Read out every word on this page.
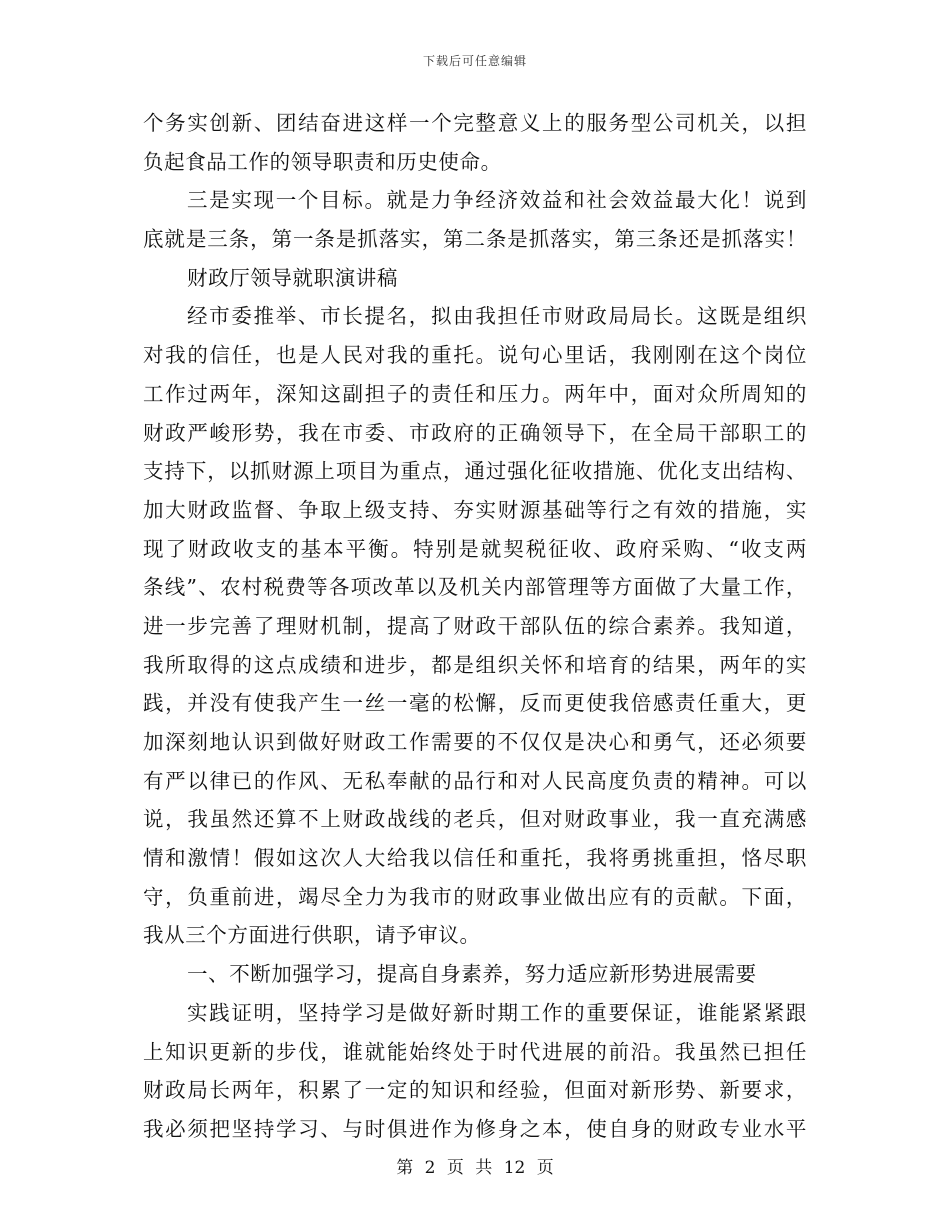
下载后可任意编辑
个务实创新、团结奋进这样一个完整意义上的服务型公司机关，以担
负起食品工作的领导职责和历史使命。
三是实现一个目标。就是力争经济效益和社会效益最大化！说到
底就是三条，第一条是抓落实，第二条是抓落实，第三条还是抓落实！
财政厅领导就职演讲稿
经市委推举、市长提名，拟由我担任市财政局局长。这既是组织
对我的信任，也是人民对我的重托。说句心里话，我刚刚在这个岗位
工作过两年，深知这副担子的责任和压力。两年中，面对众所周知的
财政严峻形势，我在市委、市政府的正确领导下，在全局干部职工的
支持下，以抓财源上项目为重点，通过强化征收措施、优化支出结构、
加大财政监督、争取上级支持、夯实财源基础等行之有效的措施，实
现了财政收支的基本平衡。特别是就契税征收、政府采购、“收支两
条线”、农村税费等各项改革以及机关内部管理等方面做了大量工作，
进一步完善了理财机制，提高了财政干部队伍的综合素养。我知道，
我所取得的这点成绩和进步，都是组织关怀和培育的结果，两年的实
践，并没有使我产生一丝一毫的松懈，反而更使我倍感责任重大，更
加深刻地认识到做好财政工作需要的不仅仅是决心和勇气，还必须要
有严以律已的作风、无私奉献的品行和对人民高度负责的精神。可以
说，我虽然还算不上财政战线的老兵，但对财政事业，我一直充满感
情和激情！假如这次人大给我以信任和重托，我将勇挑重担，恪尽职
守，负重前进，竭尽全力为我市的财政事业做出应有的贡献。下面，
我从三个方面进行供职，请予审议。
一、不断加强学习，提高自身素养，努力适应新形势进展需要
实践证明，坚持学习是做好新时期工作的重要保证，谁能紧紧跟
上知识更新的步伐，谁就能始终处于时代进展的前沿。我虽然已担任
财政局长两年，积累了一定的知识和经验，但面对新形势、新要求，
我必须把坚持学习、与时俱进作为修身之本，使自身的财政专业水平
第 2 页 共 12 页
